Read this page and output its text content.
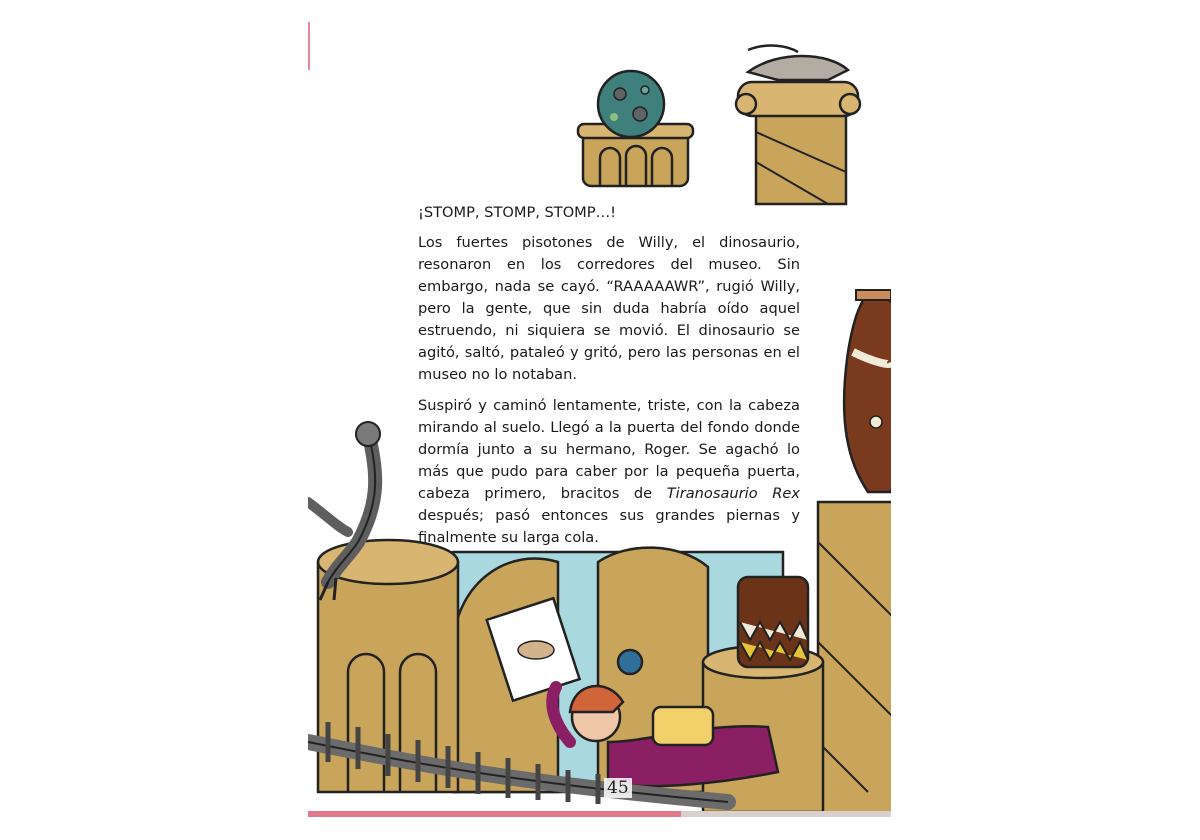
¡STOMP, STOMP, STOMP…!

Los fuertes pisotones de Willy, el dinosaurio, resonaron en los corredores del museo. Sin embargo, nada se cayó. “RAAAAAWR”, rugió Willy, pero la gente, que sin duda habría oído aquel estruendo, ni siquiera se movió. El dinosaurio se agitó, saltó, pataleó y gritó, pero las personas en el museo no lo notaban.

Suspiró y caminó lentamente, triste, con la cabeza mirando al suelo. Llegó a la puerta del fondo donde dormía junto a su hermano, Roger. Se agachó lo más que pudo para caber por la pequeña puerta, cabeza primero, bracitos de Tiranosaurio Rex después; pasó entonces sus grandes piernas y finalmente su larga cola.

45
